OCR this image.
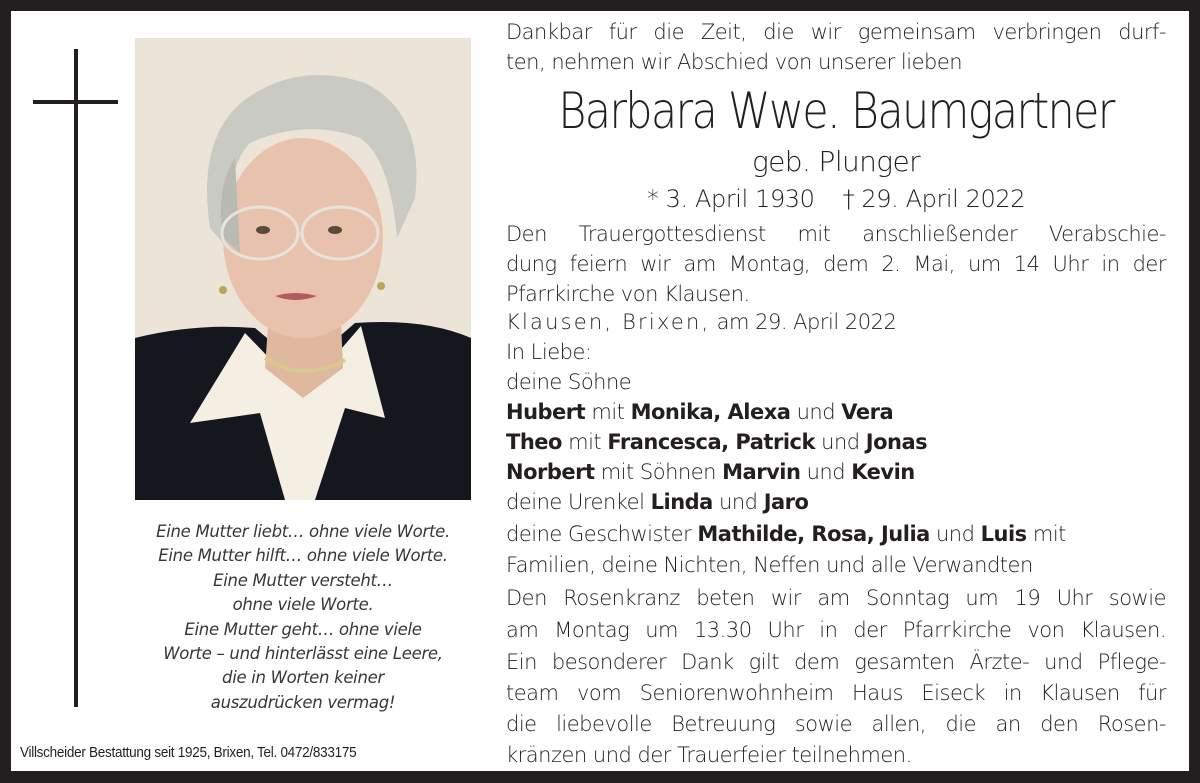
Eine Mutter liebt… ohne viele Worte.
Eine Mutter hilft… ohne viele Worte.
Eine Mutter versteht…
ohne viele Worte.
Eine Mutter geht… ohne viele
Worte – und hinterlässt eine Leere,
die in Worten keiner
auszudrücken vermag!
Villscheider Bestattung seit 1925, Brixen, Tel. 0472/833175
Dankbar für die Zeit, die wir gemeinsam verbringen durf-
ten, nehmen wir Abschied von unserer lieben
Barbara Wwe. Baumgartner
geb. Plunger
* 3. April 1930 † 29. April 2022
Den Trauergottesdienst mit anschließender Verabschie-
dung feiern wir am Montag, dem 2. Mai, um 14 Uhr in der
Pfarrkirche von Klausen.
Klausen, Brixen, am 29. April 2022
In Liebe:
deine Söhne
Hubert mit Monika, Alexa und Vera
Theo mit Francesca, Patrick und Jonas
Norbert mit Söhnen Marvin und Kevin
deine Urenkel Linda und Jaro
deine Geschwister Mathilde, Rosa, Julia und Luis mit
Familien, deine Nichten, Neffen und alle Verwandten
Den Rosenkranz beten wir am Sonntag um 19 Uhr sowie
am Montag um 13.30 Uhr in der Pfarrkirche von Klausen.
Ein besonderer Dank gilt dem gesamten Ärzte- und Pflege-
team vom Seniorenwohnheim Haus Eiseck in Klausen für
die liebevolle Betreuung sowie allen, die an den Rosen-
kränzen und der Trauerfeier teilnehmen.
